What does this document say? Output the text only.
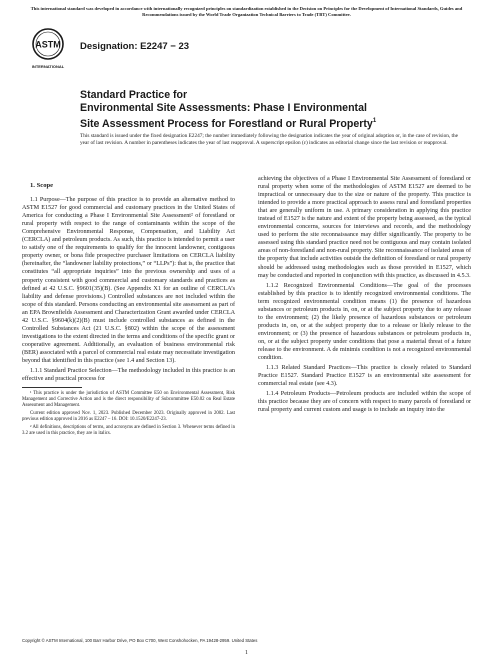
This international standard was developed in accordance with internationally recognized principles on standardization established in the Decision on Principles for the Development of International Standards, Guides and Recommendations issued by the World Trade Organization Technical Barriers to Trade (TBT) Committee.
ASTM
INTERNATIONAL
Designation: E2247 − 23
Standard Practice for
Environmental Site Assessments: Phase I Environmental
Site Assessment Process for Forestland or Rural Property$^1$
This standard is issued under the fixed designation E2247; the number immediately following the designation indicates the year of original adoption or, in the case of revision, the year of last revision. A number in parentheses indicates the year of last reapproval. A superscript epsilon (ε) indicates an editorial change since the last revision or reapproval.
1. Scope

1.1 Purpose—The purpose of this practice is to provide an alternative method to ASTM E1527 for good commercial and customary practices in the United States of America for conducting a Phase I Environmental Site Assessment² of forestland or rural property with respect to the range of contaminants within the scope of the Comprehensive Environmental Response, Compensation, and Liability Act (CERCLA) and petroleum products. As such, this practice is intended to permit a user to satisfy one of the requirements to qualify for the innocent landowner, contiguous property owner, or bona fide prospective purchaser limitations on CERCLA liability (hereinafter, the “landowner liability protections,” or “LLPs”): that is, the practice that constitutes “all appropriate inquiries” into the previous ownership and uses of a property consistent with good commercial and customary standards and practices as defined at 42 U.S.C. §9601(35)(B). (See Appendix X1 for an outline of CERCLA’s liability and defense provisions.) Controlled substances are not included within the scope of this standard. Persons conducting an environmental site assessment as part of an EPA Brownfields Assessment and Characterization Grant awarded under CERCLA 42 U.S.C. §9604(k)(2)(B) must include controlled substances as defined in the Controlled Substances Act (21 U.S.C. §802) within the scope of the assessment investigations to the extent directed in the terms and conditions of the specific grant or cooperative agreement. Additionally, an evaluation of business environmental risk (BER) associated with a parcel of commercial real estate may necessitate investigation beyond that identified in this practice (see 1.4 and Section 13).

1.1.1 Standard Practice Selection—The methodology included in this practice is an effective and practical process for

¹ This practice is under the jurisdiction of ASTM Committee E50 on Environmental Assessment, Risk Management and Corrective Action and is the direct responsibility of Subcommittee E50.02 on Real Estate Assessment and Management.

Current edition approved Nov. 1, 2023. Published December 2023. Originally approved in 2002. Last previous edition approved in 2016 as E2247 – 16. DOI: 10.1520/E2247-23.

² All definitions, descriptions of terms, and acronyms are defined in Section 3. Whenever terms defined in 3.2 are used in this practice, they are in italics.

achieving the objectives of a Phase I Environmental Site Assessment of forestland or rural property when some of the methodologies of ASTM E1527 are deemed to be impractical or unnecessary due to the size or nature of the property. This practice is intended to provide a more practical approach to assess rural and forestland properties that are generally uniform in use. A primary consideration in applying this practice instead of E1527 is the nature and extent of the property being assessed, as the typical environmental concerns, sources for interviews and records, and the methodology used to perform the site reconnaissance may differ significantly. The property to be assessed using this standard practice need not be contiguous and may contain isolated areas of non-forestland and non-rural property. Site reconnaissance of isolated areas of the property that include activities outside the definition of forestland or rural property should be addressed using methodologies such as those provided in E1527, which may be conducted and reported in conjunction with this practice, as discussed in 4.5.3.

1.1.2 Recognized Environmental Conditions—The goal of the processes established by this practice is to identify recognized environmental conditions. The term recognized environmental condition means (1) the presence of hazardous substances or petroleum products in, on, or at the subject property due to any release to the environment; (2) the likely presence of hazardous substances or petroleum products in, on, or at the subject property due to a release or likely release to the environment; or (3) the presence of hazardous substances or petroleum products in, on, or at the subject property under conditions that pose a material threat of a future release to the environment. A de minimis condition is not a recognized environmental condition.

1.1.3 Related Standard Practices—This practice is closely related to Standard Practice E1527. Standard Practice E1527 is an environmental site assessment for commercial real estate (see 4.3).

1.1.4 Petroleum Products—Petroleum products are included within the scope of this practice because they are of concern with respect to many parcels of forestland or rural property and current custom and usage is to include an inquiry into the

Copyright © ASTM International, 100 Barr Harbor Drive, PO Box C700, West Conshohocken, PA 19428-2959. United States
1
